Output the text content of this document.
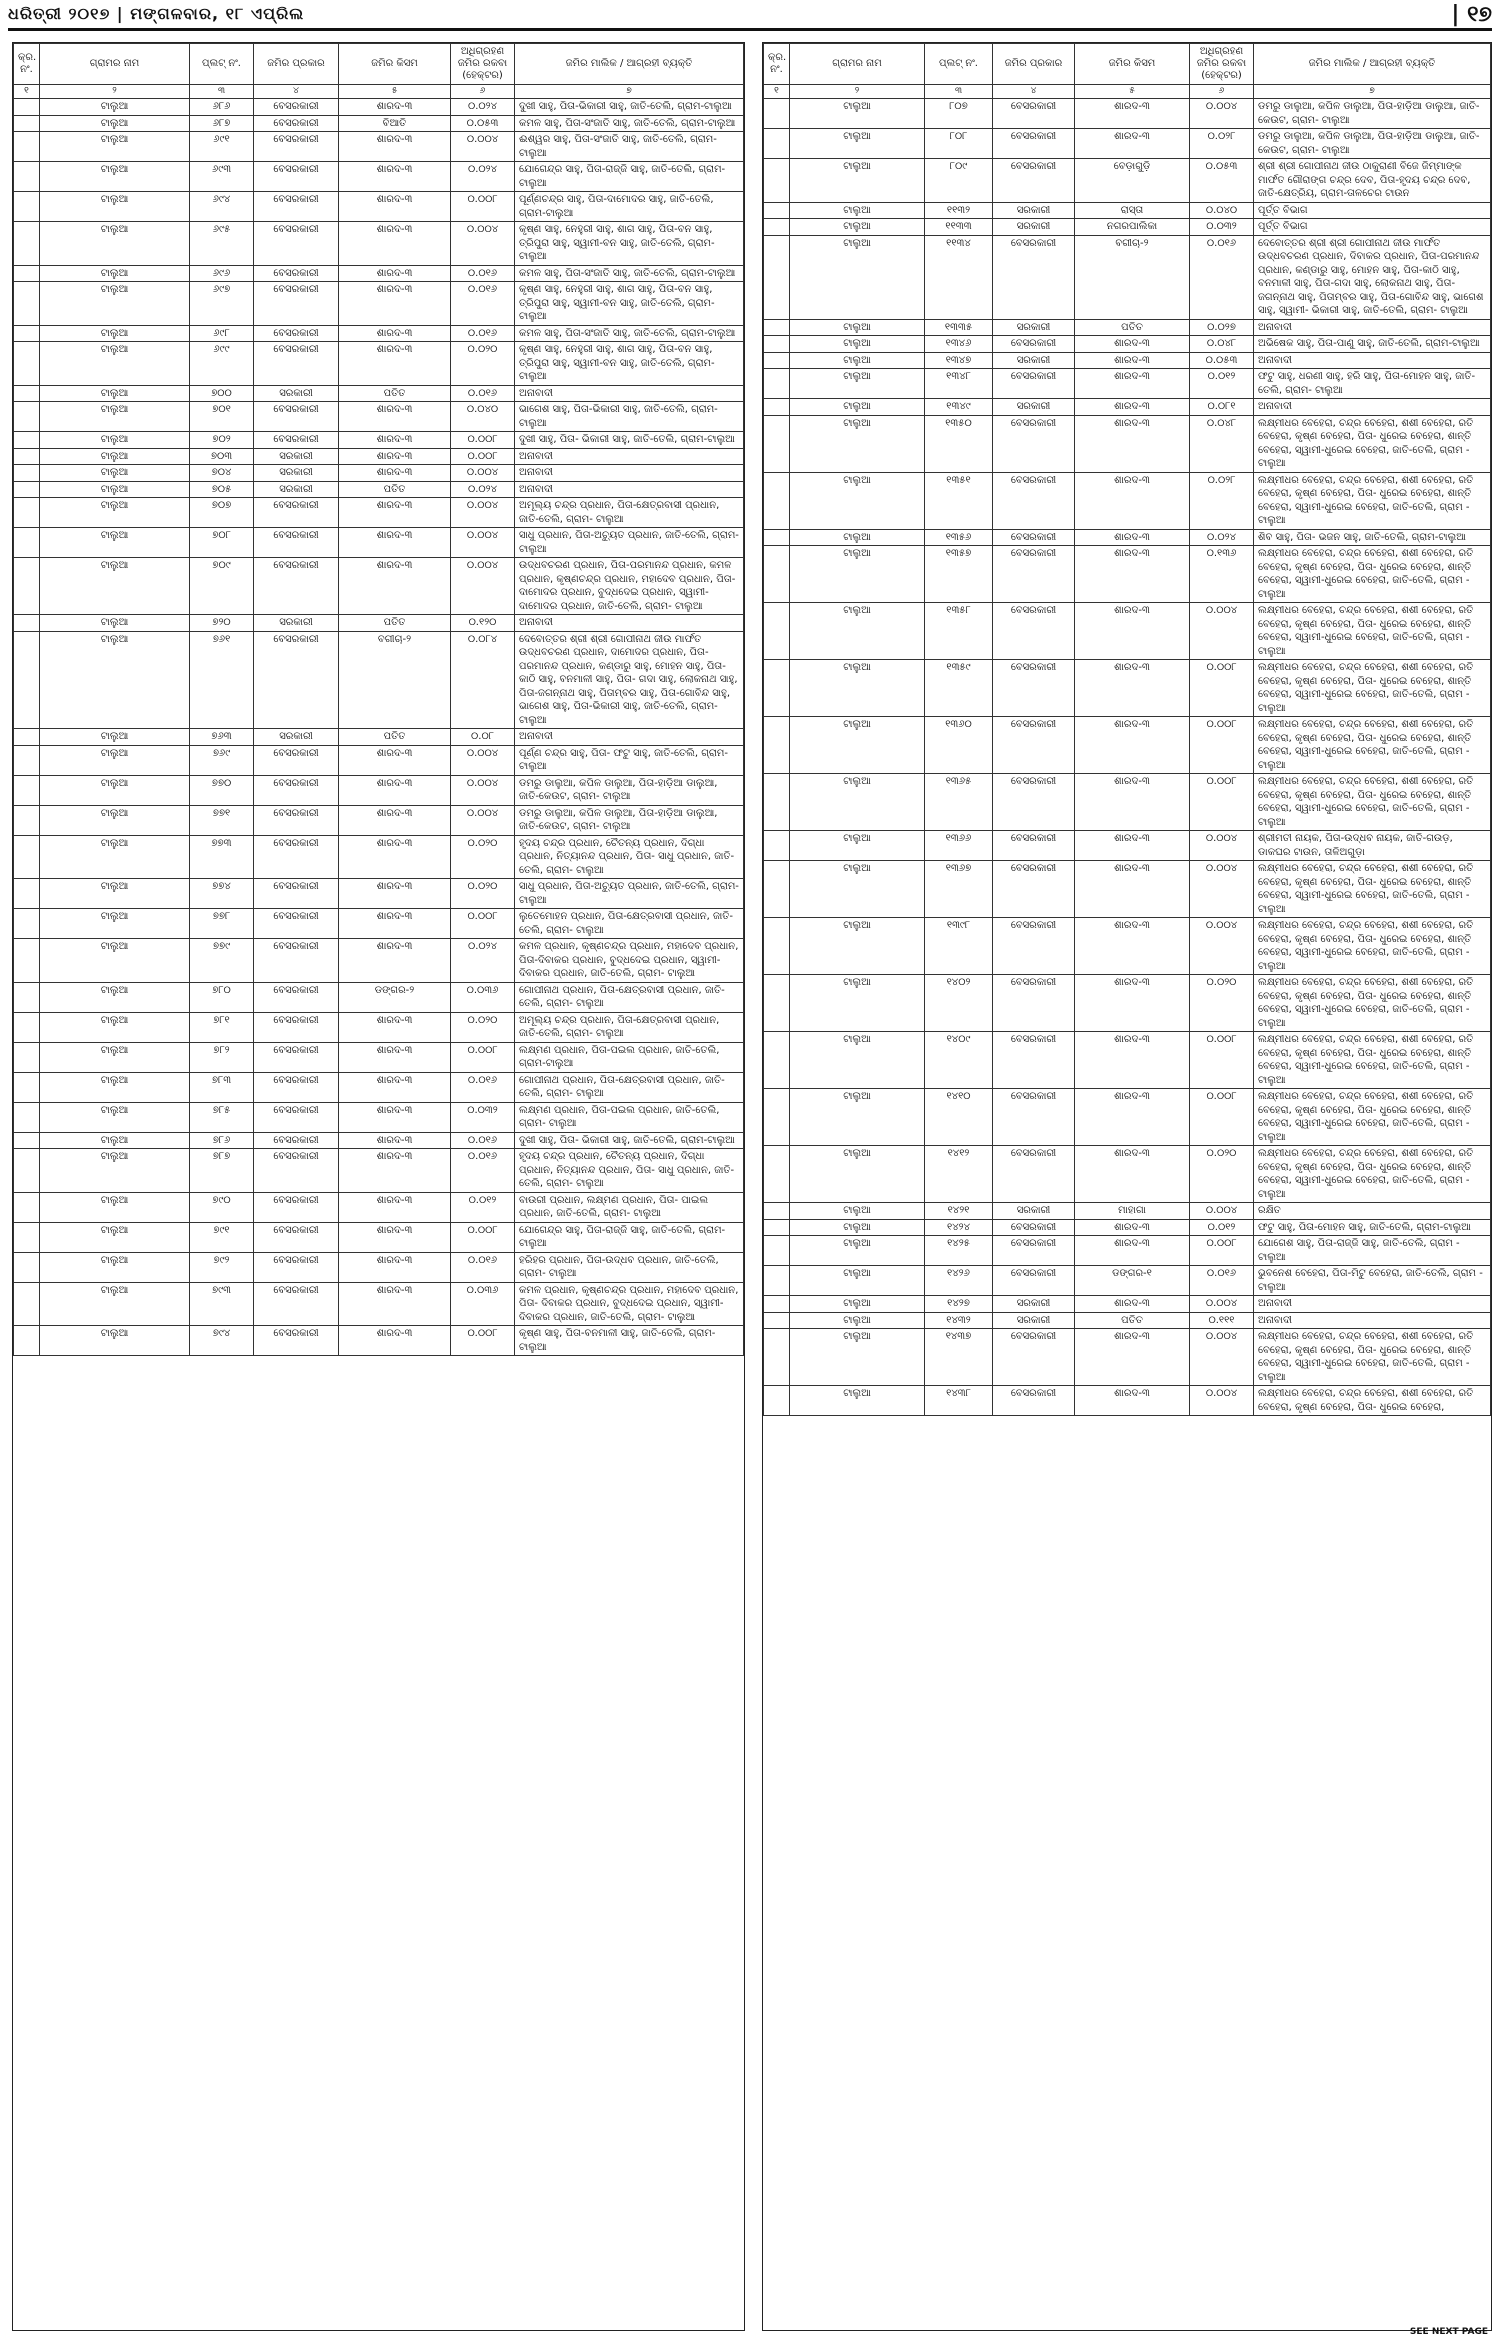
ଧରିତ୍ରୀ ୨୦୧୭ | ମଙ୍ଗଳବାର, ୧୮ ଏପ୍ରିଲ	| ୧୭
କ୍ର. ନଂ.	ଗ୍ରାମର ନାମ	ପ୍ଲଟ୍ ନଂ.	ଜମିର ପ୍ରକାର	ଜମିର କିସମ	ଅଧିଗ୍ରହଣ ଜମିର ରକବା (ହେକ୍ଟର)	ଜମିର ମାଲିକ / ଆଗ୍ରହୀ ବ୍ୟକ୍ତି
୧	୨	୩	୪	୫	୬	୭
	ଟାଲୁଆ	୬୮୬	ବେସରକାରୀ	ଶାରଦ-୩	୦.୦୨୪	ଦୁଖୀ ସାହୁ, ପିତା-ଭିକାରୀ ସାହୁ, ଜାତି-ତେଲି, ଗ୍ରାମ-ଟାଲୁଆ
	ଟାଲୁଆ	୬୮୭	ବେସରକାରୀ	ବିଆତି	୦.୦୫୩	କମଳ ସାହୁ, ପିତା-ସଂଜାତି ସାହୁ, ଜାତି-ତେଲି, ଗ୍ରାମ-ଟାଲୁଆ
	ଟାଲୁଆ	୬୯୧	ବେସରକାରୀ	ଶାରଦ-୩	୦.୦୦୪	ଈଶ୍ୱର ସାହୁ, ପିତା-ସଂଜାତି ସାହୁ, ଜାତି-ତେଲି, ଗ୍ରାମ-ଟାଲୁଆ
	ଟାଲୁଆ	୬୯୩	ବେସରକାରୀ	ଶାରଦ-୩	୦.୦୨୪	ଯୋଗେନ୍ଦ୍ର ସାହୁ, ପିତା-ରାଜ୍ଜି ସାହୁ, ଜାତି-ତେଲି, ଗ୍ରାମ-ଟାଲୁଆ
	ଟାଲୁଆ	୬୯୪	ବେସରକାରୀ	ଶାରଦ-୩	୦.୦୦୮	ପୂର୍ଣ୍ଣଚନ୍ଦ୍ର ସାହୁ, ପିତା-ଦାମୋଦର ସାହୁ, ଜାତି-ତେଲି, ଗ୍ରାମ-ଟାଲୁଆ
	ଟାଲୁଆ	୬୯୫	ବେସରକାରୀ	ଶାରଦ-୩	୦.୦୦୪	କୃଷ୍ଣ ସାହୁ, ନେହୁରୀ ସାହୁ, ଶାଗ ସାହୁ, ପିତା-ବନ ସାହୁ, ତ୍ରିପୁରା ସାହୁ, ସ୍ୱାମୀ-ବନ ସାହୁ, ଜାତି-ତେଲି, ଗ୍ରାମ-ଟାଲୁଆ
	ଟାଲୁଆ	୬୯୬	ବେସରକାରୀ	ଶାରଦ-୩	୦.୦୧୬	କମଳ ସାହୁ, ପିତା-ସଂଜାତି ସାହୁ, ଜାତି-ତେଲି, ଗ୍ରାମ-ଟାଲୁଆ
	ଟାଲୁଆ	୬୯୭	ବେସରକାରୀ	ଶାରଦ-୩	୦.୦୧୬	କୃଷ୍ଣ ସାହୁ, ନେହୁରୀ ସାହୁ, ଶାଗ ସାହୁ, ପିତା-ବନ ସାହୁ, ତ୍ରିପୁରା ସାହୁ, ସ୍ୱାମୀ-ବନ ସାହୁ, ଜାତି-ତେଲି, ଗ୍ରାମ-ଟାଲୁଆ
	ଟାଲୁଆ	୬୯୮	ବେସରକାରୀ	ଶାରଦ-୩	୦.୦୧୬	କମଳ ସାହୁ, ପିତା-ସଂଜାତି ସାହୁ, ଜାତି-ତେଲି, ଗ୍ରାମ-ଟାଲୁଆ
	ଟାଲୁଆ	୬୯୯	ବେସରକାରୀ	ଶାରଦ-୩	୦.୦୨୦	କୃଷ୍ଣ ସାହୁ, ନେହୁରୀ ସାହୁ, ଶାଗ ସାହୁ, ପିତା-ବନ ସାହୁ, ତ୍ରିପୁରା ସାହୁ, ସ୍ୱାମୀ-ବନ ସାହୁ, ଜାତି-ତେଲି, ଗ୍ରାମ-ଟାଲୁଆ
	ଟାଲୁଆ	୭୦୦	ସରକାରୀ	ପତିତ	୦.୦୧୬	ଅନାବାଦୀ
	ଟାଲୁଆ	୭୦୧	ବେସରକାରୀ	ଶାରଦ-୩	୦.୦୪୦	ଭାଗେଶ ସାହୁ, ପିତା-ଭିକାରୀ ସାହୁ, ଜାତି-ତେଲି, ଗ୍ରାମ-ଟାଲୁଆ
	ଟାଲୁଆ	୭୦୨	ବେସରକାରୀ	ଶାରଦ-୩	୦.୦୦୮	ଦୁଖୀ ସାହୁ, ପିତା- ଭିକାରୀ ସାହୁ, ଜାତି-ତେଲି, ଗ୍ରାମ-ଟାଲୁଆ
	ଟାଲୁଆ	୭୦୩	ସରକାରୀ	ଶାରଦ-୩	୦.୦୦୮	ଅନାବାଦୀ
	ଟାଲୁଆ	୭୦୪	ସରକାରୀ	ଶାରଦ-୩	୦.୦୦୪	ଅନାବାଦୀ
	ଟାଲୁଆ	୭୦୫	ସରକାରୀ	ପତିତ	୦.୦୨୪	ଅନାବାଦୀ
	ଟାଲୁଆ	୭୦୭	ବେସରକାରୀ	ଶାରଦ-୩	୦.୦୦୪	ଅମୂଲ୍ୟ ଚନ୍ଦ୍ର ପ୍ରଧାନ, ପିତା-କ୍ଷେତ୍ରବାସୀ ପ୍ରଧାନ, ଜାତି-ତେଲି, ଗ୍ରାମ- ଟାଲୁଆ
	ଟାଲୁଆ	୭୦୮	ବେସରକାରୀ	ଶାରଦ-୩	୦.୦୦୪	ସାଧୁ ପ୍ରଧାନ, ପିତା-ଅଚ୍ୟୁତ ପ୍ରଧାନ, ଜାତି-ତେଲି, ଗ୍ରାମ-ଟାଲୁଆ
	ଟାଲୁଆ	୭୦୯	ବେସରକାରୀ	ଶାରଦ-୩	୦.୦୦୪	ଉଦ୍ଧବଚରଣ ପ୍ରଧାନ, ପିତା-ପରମାନନ୍ଦ ପ୍ରଧାନ, କମଳ ପ୍ରଧାନ, କୃଷ୍ଣଚନ୍ଦ୍ର ପ୍ରଧାନ, ମହାଦେବ ପ୍ରଧାନ, ପିତା-ଦାମୋଦର ପ୍ରଧାନ, ବୁଦ୍ଧଦେଇ ପ୍ରଧାନ, ସ୍ୱାମୀ-ଦାମୋଦର ପ୍ରଧାନ, ଜାତି-ତେଲି, ଗ୍ରାମ- ଟାଲୁଆ
	ଟାଲୁଆ	୭୨୦	ସରକାରୀ	ପତିତ	୦.୧୨୦	ଅନାବାଦୀ
	ଟାଲୁଆ	୭୬୧	ବେସରକାରୀ	ବଗୀଚା-୨	୦.୦୮୪	ଦେବୋତ୍ତର ଶ୍ରୀ ଶ୍ରୀ ଗୋପୀନାଥ ଜୀଉ ମାର୍ଫତ ଉଦ୍ଧବଚରଣ ପ୍ରଧାନ, ଦାମୋଦର ପ୍ରଧାନ, ପିତା-ପରମାନନ୍ଦ ପ୍ରଧାନ, କଣ୍ଡାରୁ ସାହୁ, ମୋହନ ସାହୁ, ପିତା-କାଠି ସାହୁ, ବନମାଳୀ ସାହୁ, ପିତା- ଗଦା ସାହୁ, ଲୋକନାଥ ସାହୁ, ପିତା-ଜଗନ୍ନାଥ ସାହୁ, ପିତାମ୍ବର ସାହୁ, ପିତା-ଗୋବିନ୍ଦ ସାହୁ, ଭାଗେଶ ସାହୁ, ପିତା-ଭିକାରୀ ସାହୁ, ଜାତି-ତେଲି, ଗ୍ରାମ- ଟାଲୁଆ
	ଟାଲୁଆ	୭୬୩	ସରକାରୀ	ପତିତ	୦.୦୮	ଅନାବାଦୀ
	ଟାଲୁଆ	୭୬୯	ବେସରକାରୀ	ଶାରଦ-୩	୦.୦୦୪	ପୂର୍ଣ୍ଣ ଚନ୍ଦ୍ର ସାହୁ, ପିତା- ଫଟୁ ସାହୁ, ଜାତି-ତେଲି, ଗ୍ରାମ-ଟାଲୁଆ
	ଟାଲୁଆ	୭୭୦	ବେସରକାରୀ	ଶାରଦ-୩	୦.୦୦୪	ଡମରୁ ଡାଲୁଆ, କପିଳ ଡାଲୁଆ, ପିତା-ହାଡ଼ିଆ ଡାଲୁଆ, ଜାତି-କେଉଟ, ଗ୍ରାମ- ଟାଲୁଆ
	ଟାଲୁଆ	୭୭୧	ବେସରକାରୀ	ଶାରଦ-୩	୦.୦୦୪	ଡମରୁ ଡାଲୁଆ, କପିଳ ଡାଲୁଆ, ପିତା-ହାଡ଼ିଆ ଡାଲୁଆ, ଜାତି-କେଉଟ, ଗ୍ରାମ- ଟାଲୁଆ
	ଟାଲୁଆ	୭୭୩	ବେସରକାରୀ	ଶାରଦ-୩	୦.୦୨୦	ହୃଦୟ ଚନ୍ଦ୍ର ପ୍ରଧାନ, ଚୈତନ୍ୟ ପ୍ରଧାନ, ଦିଗ୍ଧା ପ୍ରଧାନ, ନିତ୍ୟାନନ୍ଦ ପ୍ରଧାନ, ପିତା- ସାଧୁ ପ୍ରଧାନ, ଜାତି-ତେଲି, ଗ୍ରାମ- ଟାଲୁଆ
	ଟାଲୁଆ	୭୭୪	ବେସରକାରୀ	ଶାରଦ-୩	୦.୦୨୦	ସାଧୁ ପ୍ରଧାନ, ପିତା-ଅଚ୍ୟୁତ ପ୍ରଧାନ, ଜାତି-ତେଲି, ଗ୍ରାମ-ଟାଲୁଆ
	ଟାଲୁଆ	୭୭୮	ବେସରକାରୀ	ଶାରଦ-୩	୦.୦୦୮	ଲୁତେମୋହନ ପ୍ରଧାନ, ପିତା-କ୍ଷେତ୍ରବାସୀ ପ୍ରଧାନ, ଜାତି-ତେଲି, ଗ୍ରାମ- ଟାଲୁଆ
	ଟାଲୁଆ	୭୭୯	ବେସରକାରୀ	ଶାରଦ-୩	୦.୦୨୪	କମଳ ପ୍ରଧାନ, କୃଷ୍ଣଚନ୍ଦ୍ର ପ୍ରଧାନ, ମହାଦେବ ପ୍ରଧାନ, ପିତା-ଦିବାକର ପ୍ରଧାନ, ବୁଦ୍ଧଦେଇ ପ୍ରଧାନ, ସ୍ୱାମୀ-ଦିବାକର ପ୍ରଧାନ, ଜାତି-ତେଲି, ଗ୍ରାମ- ଟାଲୁଆ
	ଟାଲୁଆ	୭୮୦	ବେସରକାରୀ	ଡଙ୍ଗର-୨	୦.୦୩୬	ଗୋପୀନାଥ ପ୍ରଧାନ, ପିତା-କ୍ଷେତ୍ରବାସୀ ପ୍ରଧାନ, ଜାତି-ତେଲି, ଗ୍ରାମ- ଟାଲୁଆ
	ଟାଲୁଆ	୭୮୧	ବେସରକାରୀ	ଶାରଦ-୩	୦.୦୨୦	ଅମୂଲ୍ୟ ଚନ୍ଦ୍ର ପ୍ରଧାନ, ପିତା-କ୍ଷେତ୍ରବାସୀ ପ୍ରଧାନ, ଜାତି-ତେଲି, ଗ୍ରାମ- ଟାଲୁଆ
	ଟାଲୁଆ	୭୮୨	ବେସରକାରୀ	ଶାରଦ-୩	୦.୦୦୮	ଲକ୍ଷ୍ମଣ ପ୍ରଧାନ, ପିତା-ପଇଲ ପ୍ରଧାନ, ଜାତି-ତେଲି, ଗ୍ରାମ-ଟାଲୁଆ
	ଟାଲୁଆ	୭୮୩	ବେସରକାରୀ	ଶାରଦ-୩	୦.୦୧୬	ଗୋପୀନାଥ ପ୍ରଧାନ, ପିତା-କ୍ଷେତ୍ରବାସୀ ପ୍ରଧାନ, ଜାତି-ତେଲି, ଗ୍ରାମ- ଟାଲୁଆ
	ଟାଲୁଆ	୭୮୫	ବେସରକାରୀ	ଶାରଦ-୩	୦.୦୩୨	ଲକ୍ଷ୍ମଣ ପ୍ରଧାନ, ପିତା-ପଇଲ ପ୍ରଧାନ, ଜାତି-ତେଲି, ଗ୍ରାମ- ଟାଲୁଆ
	ଟାଲୁଆ	୭୮୬	ବେସରକାରୀ	ଶାରଦ-୩	୦.୦୧୬	ଦୁଖୀ ସାହୁ, ପିତା- ଭିକାରୀ ସାହୁ, ଜାତି-ତେଲି, ଗ୍ରାମ-ଟାଲୁଆ
	ଟାଲୁଆ	୭୮୭	ବେସରକାରୀ	ଶାରଦ-୩	୦.୦୧୬	ହୃଦୟ ଚନ୍ଦ୍ର ପ୍ରଧାନ, ଚୈତନ୍ୟ ପ୍ରଧାନ, ଦିଗ୍ଧା ପ୍ରଧାନ, ନିତ୍ୟାନନ୍ଦ ପ୍ରଧାନ, ପିତା- ସାଧୁ ପ୍ରଧାନ, ଜାତି-ତେଲି, ଗ୍ରାମ- ଟାଲୁଆ
	ଟାଲୁଆ	୭୯୦	ବେସରକାରୀ	ଶାରଦ-୩	୦.୦୧୨	ବାଉରୀ ପ୍ରଧାନ, ଲକ୍ଷ୍ମଣ ପ୍ରଧାନ, ପିତା- ପାଇଲ ପ୍ରଧାନ, ଜାତି-ତେଲି, ଗ୍ରାମ- ଟାଲୁଆ
	ଟାଲୁଆ	୭୯୧	ବେସରକାରୀ	ଶାରଦ-୩	୦.୦୦୮	ଯୋଗେନ୍ଦ୍ର ସାହୁ, ପିତା-ରାଜ୍ଜି ସାହୁ, ଜାତି-ତେଲି, ଗ୍ରାମ-ଟାଲୁଆ
	ଟାଲୁଆ	୭୯୨	ବେସରକାରୀ	ଶାରଦ-୩	୦.୦୧୬	ହରିହର ପ୍ରଧାନ, ପିତା-ଉଦ୍ଧବ ପ୍ରଧାନ, ଜାତି-ତେଲି, ଗ୍ରାମ- ଟାଲୁଆ
	ଟାଲୁଆ	୭୯୩	ବେସରକାରୀ	ଶାରଦ-୩	୦.୦୩୬	କମଳ ପ୍ରଧାନ, କୃଷ୍ଣଚନ୍ଦ୍ର ପ୍ରଧାନ, ମହାଦେବ ପ୍ରଧାନ, ପିତା- ଦିବାକର ପ୍ରଧାନ, ବୁଦ୍ଧଦେଇ ପ୍ରଧାନ, ସ୍ୱାମୀ- ଦିବାକର ପ୍ରଧାନ, ଜାତି-ତେଲି, ଗ୍ରାମ- ଟାଲୁଆ
	ଟାଲୁଆ	୭୯୪	ବେସରକାରୀ	ଶାରଦ-୩	୦.୦୦୮	କୃଷ୍ଣ ସାହୁ, ପିତା-ବନମାଳୀ ସାହୁ, ଜାତି-ତେଲି, ଗ୍ରାମ-ଟାଲୁଆ
କ୍ର. ନଂ.	ଗ୍ରାମର ନାମ	ପ୍ଲଟ୍ ନଂ.	ଜମିର ପ୍ରକାର	ଜମିର କିସମ	ଅଧିଗ୍ରହଣ ଜମିର ରକବା (ହେକ୍ଟର)	ଜମିର ମାଲିକ / ଆଗ୍ରହୀ ବ୍ୟକ୍ତି
୧	୨	୩	୪	୫	୬	୭
	ଟାଲୁଆ	୮୦୭	ବେସରକାରୀ	ଶାରଦ-୩	୦.୦୦୪	ଡମରୁ ଡାଲୁଆ, କପିଳ ଡାଲୁଆ, ପିତା-ହାଡ଼ିଆ ଡାଲୁଆ, ଜାତି-କେଉଟ, ଗ୍ରାମ- ଟାଲୁଆ
	ଟାଲୁଆ	୮୦୮	ବେସରକାରୀ	ଶାରଦ-୩	୦.୦୨୮	ଡମରୁ ଡାଲୁଆ, କପିଳ ଡାଲୁଆ, ପିତା-ହାଡ଼ିଆ ଡାଲୁଆ, ଜାତି-କେଉଟ, ଗ୍ରାମ- ଟାଲୁଆ
	ଟାଲୁଆ	୮୦୯	ବେସରକାରୀ	ବେଡ଼ାଗୁଡ଼ି	୦.୦୫୩	ଶ୍ରୀ ଶ୍ରୀ ଗୋପୀନାଥ ଜୀଉ ଠାକୁରାଣୀ ବିଜେ ଜିମ୍ମାଙ୍କ ମାର୍ଫତ ଗୌରାଙ୍ଗ ଚନ୍ଦ୍ର ଦେବ, ପିତା-ହୃଦୟ ଚନ୍ଦ୍ର ଦେବ, ଜାତି-କ୍ଷେତ୍ରିୟ, ଗ୍ରାମ-ତାଳଚେର ଟାଉନ
	ଟାଲୁଆ	୧୧୩୨	ସରକାରୀ	ରାସ୍ତା	୦.୦୪୦	ପୂର୍ତ୍ତ ବିଭାଗ
	ଟାଲୁଆ	୧୧୩୩	ସରକାରୀ	ନଗରପାଲିକା	୦.୦୩୨	ପୂର୍ତ୍ତ ବିଭାଗ
	ଟାଲୁଆ	୧୧୩୪	ବେସରକାରୀ	ବଗୀଚା-୨	୦.୦୧୬	ଦେବୋତ୍ତର ଶ୍ରୀ ଶ୍ରୀ ଗୋପୀନାଥ ଜୀଉ ମାର୍ଫତ ଉଦ୍ଧବଚରଣ ପ୍ରଧାନ, ଦିବାକର ପ୍ରଧାନ, ପିତା-ପରମାନନ୍ଦ ପ୍ରଧାନ, କଣ୍ଡାରୁ ସାହୁ, ମୋହନ ସାହୁ, ପିତା-କାଠି ସାହୁ, ବନମାଳୀ ସାହୁ, ପିତା-ଗଦା ସାହୁ, ଲୋକନାଥ ସାହୁ, ପିତା-ଜଗନ୍ନାଥ ସାହୁ, ପିତାମ୍ବର ସାହୁ, ପିତା-ଗୋବିନ୍ଦ ସାହୁ, ଭାଗେଶ ସାହୁ, ସ୍ୱାମୀ- ଭିକାରୀ ସାହୁ, ଜାତି-ତେଲି, ଗ୍ରାମ- ଟାଲୁଆ
	ଟାଲୁଆ	୧୩୩୫	ସରକାରୀ	ପତିତ	୦.୦୨୭	ଅନାବାଦୀ
	ଟାଲୁଆ	୧୩୪୬	ବେସରକାରୀ	ଶାରଦ-୩	୦.୦୪୮	ଅଭିଷେକ ସାହୁ, ପିତା-ପାଣୁ ସାହୁ, ଜାତି-ତେଲି, ଗ୍ରାମ-ଟାଲୁଆ
	ଟାଲୁଆ	୧୩୪୭	ସରକାରୀ	ଶାରଦ-୩	୦.୦୫୩	ଅନାବାଦୀ
	ଟାଲୁଆ	୧୩୪୮	ବେସରକାରୀ	ଶାରଦ-୩	୦.୦୧୨	ଫଟୁ ସାହୁ, ଧରଣୀ ସାହୁ, ହରି ସାହୁ, ପିତା-ମୋହନ ସାହୁ, ଜାତି-ତେଲି, ଗ୍ରାମ- ଟାଲୁଆ
	ଟାଲୁଆ	୧୩୪୯	ସରକାରୀ	ଶାରଦ-୩	୦.୦୮୧	ଅନାବାଦୀ
	ଟାଲୁଆ	୧୩୫୦	ବେସରକାରୀ	ଶାରଦ-୩	୦.୦୪୮	ଲକ୍ଷ୍ମୀଧର ବେହେରା, ଚନ୍ଦ୍ର ବେହେରା, ଶଶୀ ବେହେରା, ରତି ବେହେରା, କୃଷ୍ଣ ବେହେରା, ପିତା- ଧୁରେଇ ବେହେରା, ଶାନ୍ତି ବେହେରା, ସ୍ୱାମୀ-ଧୁରେଇ ବେହେରା, ଜାତି-ତେଲି, ଗ୍ରାମ - ଟାଲୁଆ
	ଟାଲୁଆ	୧୩୫୧	ବେସରକାରୀ	ଶାରଦ-୩	୦.୦୨୮	ଲକ୍ଷ୍ମୀଧର ବେହେରା, ଚନ୍ଦ୍ର ବେହେରା, ଶଶୀ ବେହେରା, ରତି ବେହେରା, କୃଷ୍ଣ ବେହେରା, ପିତା- ଧୁରେଇ ବେହେରା, ଶାନ୍ତି ବେହେରା, ସ୍ୱାମୀ-ଧୁରେଇ ବେହେରା, ଜାତି-ତେଲି, ଗ୍ରାମ - ଟାଲୁଆ
	ଟାଲୁଆ	୧୩୫୬	ବେସରକାରୀ	ଶାରଦ-୩	୦.୦୨୪	ଶିବ ସାହୁ, ପିତା- ଭଜନ ସାହୁ, ଜାତି-ତେଲି, ଗ୍ରାମ-ଟାଲୁଆ
	ଟାଲୁଆ	୧୩୫୭	ବେସରକାରୀ	ଶାରଦ-୩	୦.୧୩୬	ଲକ୍ଷ୍ମୀଧର ବେହେରା, ଚନ୍ଦ୍ର ବେହେରା, ଶଶୀ ବେହେରା, ରତି ବେହେରା, କୃଷ୍ଣ ବେହେରା, ପିତା- ଧୁରେଇ ବେହେରା, ଶାନ୍ତି ବେହେରା, ସ୍ୱାମୀ-ଧୁରେଇ ବେହେରା, ଜାତି-ତେଲି, ଗ୍ରାମ - ଟାଲୁଆ
	ଟାଲୁଆ	୧୩୫୮	ବେସରକାରୀ	ଶାରଦ-୩	୦.୦୦୪	ଲକ୍ଷ୍ମୀଧର ବେହେରା, ଚନ୍ଦ୍ର ବେହେରା, ଶଶୀ ବେହେରା, ରତି ବେହେରା, କୃଷ୍ଣ ବେହେରା, ପିତା- ଧୁରେଇ ବେହେରା, ଶାନ୍ତି ବେହେରା, ସ୍ୱାମୀ-ଧୁରେଇ ବେହେରା, ଜାତି-ତେଲି, ଗ୍ରାମ - ଟାଲୁଆ
	ଟାଲୁଆ	୧୩୫୯	ବେସରକାରୀ	ଶାରଦ-୩	୦.୦୦୮	ଲକ୍ଷ୍ମୀଧର ବେହେରା, ଚନ୍ଦ୍ର ବେହେରା, ଶଶୀ ବେହେରା, ରତି ବେହେରା, କୃଷ୍ଣ ବେହେରା, ପିତା- ଧୁରେଇ ବେହେରା, ଶାନ୍ତି ବେହେରା, ସ୍ୱାମୀ-ଧୁରେଇ ବେହେରା, ଜାତି-ତେଲି, ଗ୍ରାମ - ଟାଲୁଆ
	ଟାଲୁଆ	୧୩୬୦	ବେସରକାରୀ	ଶାରଦ-୩	୦.୦୦୮	ଲକ୍ଷ୍ମୀଧର ବେହେରା, ଚନ୍ଦ୍ର ବେହେରା, ଶଶୀ ବେହେରା, ରତି ବେହେରା, କୃଷ୍ଣ ବେହେରା, ପିତା- ଧୁରେଇ ବେହେରା, ଶାନ୍ତି ବେହେରା, ସ୍ୱାମୀ-ଧୁରେଇ ବେହେରା, ଜାତି-ତେଲି, ଗ୍ରାମ - ଟାଲୁଆ
	ଟାଲୁଆ	୧୩୬୫	ବେସରକାରୀ	ଶାରଦ-୩	୦.୦୦୮	ଲକ୍ଷ୍ମୀଧର ବେହେରା, ଚନ୍ଦ୍ର ବେହେରା, ଶଶୀ ବେହେରା, ରତି ବେହେରା, କୃଷ୍ଣ ବେହେରା, ପିତା- ଧୁରେଇ ବେହେରା, ଶାନ୍ତି ବେହେରା, ସ୍ୱାମୀ-ଧୁରେଇ ବେହେରା, ଜାତି-ତେଲି, ଗ୍ରାମ - ଟାଲୁଆ
	ଟାଲୁଆ	୧୩୬୬	ବେସରକାରୀ	ଶାରଦ-୩	୦.୦୦୪	ଶ୍ରୀମତୀ ନାୟକ, ପିତା-ଉଦ୍ଧବ ନାୟକ, ଜାତି-ଗଉଡ଼, ଡାକଘର ଟାଉନ, ତାଳିଅଗୁଡ଼ା
	ଟାଲୁଆ	୧୩୬୭	ବେସରକାରୀ	ଶାରଦ-୩	୦.୦୦୪	ଲକ୍ଷ୍ମୀଧର ବେହେରା, ଚନ୍ଦ୍ର ବେହେରା, ଶଶୀ ବେହେରା, ରତି ବେହେରା, କୃଷ୍ଣ ବେହେରା, ପିତା- ଧୁରେଇ ବେହେରା, ଶାନ୍ତି ବେହେରା, ସ୍ୱାମୀ-ଧୁରେଇ ବେହେରା, ଜାତି-ତେଲି, ଗ୍ରାମ - ଟାଲୁଆ
	ଟାଲୁଆ	୧୩୯୮	ବେସରକାରୀ	ଶାରଦ-୩	୦.୦୦୪	ଲକ୍ଷ୍ମୀଧର ବେହେରା, ଚନ୍ଦ୍ର ବେହେରା, ଶଶୀ ବେହେରା, ରତି ବେହେରା, କୃଷ୍ଣ ବେହେରା, ପିତା- ଧୁରେଇ ବେହେରା, ଶାନ୍ତି ବେହେରା, ସ୍ୱାମୀ-ଧୁରେଇ ବେହେରା, ଜାତି-ତେଲି, ଗ୍ରାମ - ଟାଲୁଆ
	ଟାଲୁଆ	୧୪୦୨	ବେସରକାରୀ	ଶାରଦ-୩	୦.୦୨୦	ଲକ୍ଷ୍ମୀଧର ବେହେରା, ଚନ୍ଦ୍ର ବେହେରା, ଶଶୀ ବେହେରା, ରତି ବେହେରା, କୃଷ୍ଣ ବେହେରା, ପିତା- ଧୁରେଇ ବେହେରା, ଶାନ୍ତି ବେହେରା, ସ୍ୱାମୀ-ଧୁରେଇ ବେହେରା, ଜାତି-ତେଲି, ଗ୍ରାମ - ଟାଲୁଆ
	ଟାଲୁଆ	୧୪୦୯	ବେସରକାରୀ	ଶାରଦ-୩	୦.୦୦୮	ଲକ୍ଷ୍ମୀଧର ବେହେରା, ଚନ୍ଦ୍ର ବେହେରା, ଶଶୀ ବେହେରା, ରତି ବେହେରା, କୃଷ୍ଣ ବେହେରା, ପିତା- ଧୁରେଇ ବେହେରା, ଶାନ୍ତି ବେହେରା, ସ୍ୱାମୀ-ଧୁରେଇ ବେହେରା, ଜାତି-ତେଲି, ଗ୍ରାମ - ଟାଲୁଆ
	ଟାଲୁଆ	୧୪୧୦	ବେସରକାରୀ	ଶାରଦ-୩	୦.୦୦୮	ଲକ୍ଷ୍ମୀଧର ବେହେରା, ଚନ୍ଦ୍ର ବେହେରା, ଶଶୀ ବେହେରା, ରତି ବେହେରା, କୃଷ୍ଣ ବେହେରା, ପିତା- ଧୁରେଇ ବେହେରା, ଶାନ୍ତି ବେହେରା, ସ୍ୱାମୀ-ଧୁରେଇ ବେହେରା, ଜାତି-ତେଲି, ଗ୍ରାମ - ଟାଲୁଆ
	ଟାଲୁଆ	୧୪୧୨	ବେସରକାରୀ	ଶାରଦ-୩	୦.୦୨୦	ଲକ୍ଷ୍ମୀଧର ବେହେରା, ଚନ୍ଦ୍ର ବେହେରା, ଶଶୀ ବେହେରା, ରତି ବେହେରା, କୃଷ୍ଣ ବେହେରା, ପିତା- ଧୁରେଇ ବେହେରା, ଶାନ୍ତି ବେହେରା, ସ୍ୱାମୀ-ଧୁରେଇ ବେହେରା, ଜାତି-ତେଲି, ଗ୍ରାମ - ଟାଲୁଆ
	ଟାଲୁଆ	୧୪୨୧	ସରକାରୀ	ମାହାଗା	୦.୦୦୪	ରକ୍ଷିତ
	ଟାଲୁଆ	୧୪୨୪	ବେସରକାରୀ	ଶାରଦ-୩	୦.୦୧୨	ଫଟୁ ସାହୁ, ପିତା-ମୋହନ ସାହୁ, ଜାତି-ତେଲି, ଗ୍ରାମ-ଟାଲୁଆ
	ଟାଲୁଆ	୧୪୨୫	ବେସରକାରୀ	ଶାରଦ-୩	୦.୦୦୮	ଯୋଗେଶ ସାହୁ, ପିତା-ରାଜ୍ଜି ସାହୁ, ଜାତି-ତେଲି, ଗ୍ରାମ - ଟାଲୁଆ
	ଟାଲୁଆ	୧୪୨୬	ବେସରକାରୀ	ଡଙ୍ଗର-୧	୦.୦୧୬	ଭୁବନେଶ ବେହେରା, ପିତା-ମିଟୁ ବେହେରା, ଜାତି-ତେଲି, ଗ୍ରାମ - ଟାଲୁଆ
	ଟାଲୁଆ	୧୪୨୭	ସରକାରୀ	ଶାରଦ-୩	୦.୦୦୪	ଅନାବାଦୀ
	ଟାଲୁଆ	୧୪୩୨	ସରକାରୀ	ପତିତ	୦.୧୧୧	ଅନାବାଦୀ
	ଟାଲୁଆ	୧୪୩୭	ବେସରକାରୀ	ଶାରଦ-୩	୦.୦୦୪	ଲକ୍ଷ୍ମୀଧର ବେହେରା, ଚନ୍ଦ୍ର ବେହେରା, ଶଶୀ ବେହେରା, ରତି ବେହେରା, କୃଷ୍ଣ ବେହେରା, ପିତା- ଧୁରେଇ ବେହେରା, ଶାନ୍ତି ବେହେରା, ସ୍ୱାମୀ-ଧୁରେଇ ବେହେରା, ଜାତି-ତେଲି, ଗ୍ରାମ - ଟାଲୁଆ
	ଟାଲୁଆ	୧୪୩୮	ବେସରକାରୀ	ଶାରଦ-୩	୦.୦୦୪	ଲକ୍ଷ୍ମୀଧର ବେହେରା, ଚନ୍ଦ୍ର ବେହେରା, ଶଶୀ ବେହେରା, ରତି ବେହେରା, କୃଷ୍ଣ ବେହେରା, ପିତା- ଧୁରେଇ ବେହେରା,
SEE NEXT PAGE
